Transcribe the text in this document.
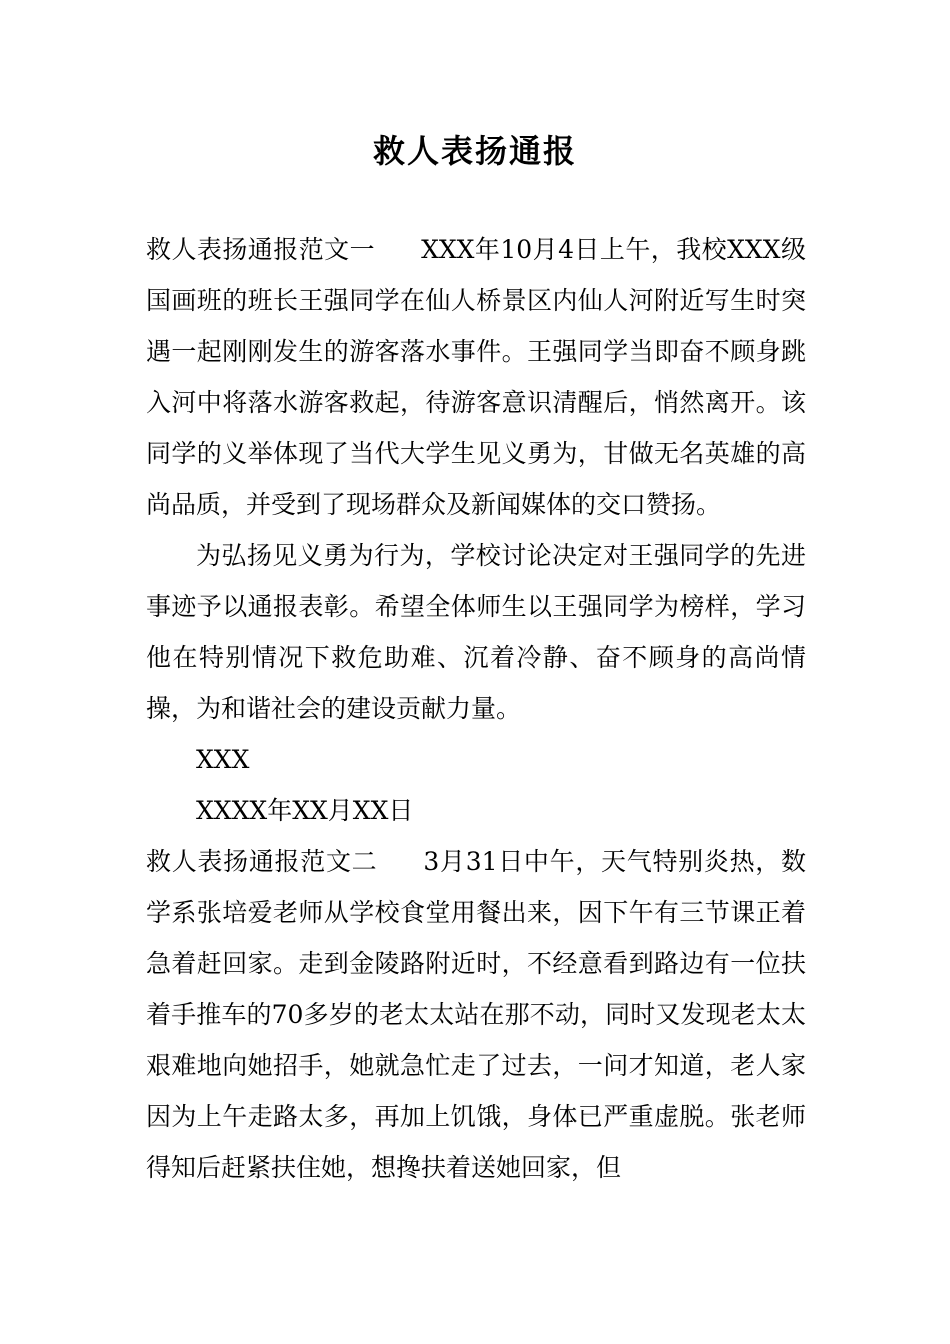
救人表扬通报

救人表扬通报范文一 XXX年10月4日上午，我校XXX级国画班的班长王强同学在仙人桥景区内仙人河附近写生时突遇一起刚刚发生的游客落水事件。王强同学当即奋不顾身跳入河中将落水游客救起，待游客意识清醒后，悄然离开。该同学的义举体现了当代大学生见义勇为，甘做无名英雄的高尚品质，并受到了现场群众及新闻媒体的交口赞扬。

为弘扬见义勇为行为，学校讨论决定对王强同学的先进事迹予以通报表彰。希望全体师生以王强同学为榜样，学习他在特别情况下救危助难、沉着冷静、奋不顾身的高尚情操，为和谐社会的建设贡献力量。

XXX

XXXX年XX月XX日

救人表扬通报范文二 3月31日中午，天气特别炎热，数学系张培爱老师从学校食堂用餐出来，因下午有三节课正着急着赶回家。走到金陵路附近时，不经意看到路边有一位扶着手推车的70多岁的老太太站在那不动，同时又发现老太太艰难地向她招手，她就急忙走了过去，一问才知道，老人家因为上午走路太多，再加上饥饿，身体已严重虚脱。张老师得知后赶紧扶住她，想搀扶着送她回家，但
